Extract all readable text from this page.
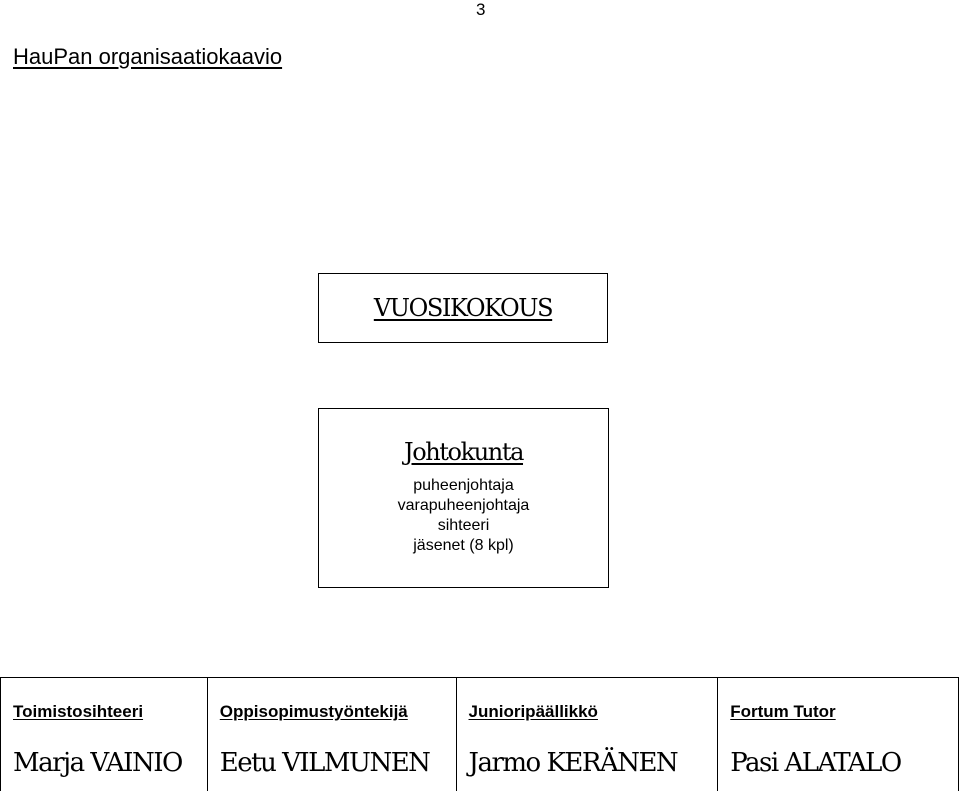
3
HauPan organisaatiokaavio
VUOSIKOKOUS
Johtokunta
puheenjohtaja
varapuheenjohtaja
sihteeri
jäsenet (8 kpl)
Toimistosihteeri
Marja VAINIO
Oppisopimustyöntekijä
Eetu VILMUNEN
Junioripäällikkö
Jarmo KERÄNEN
Fortum Tutor
Pasi ALATALO
